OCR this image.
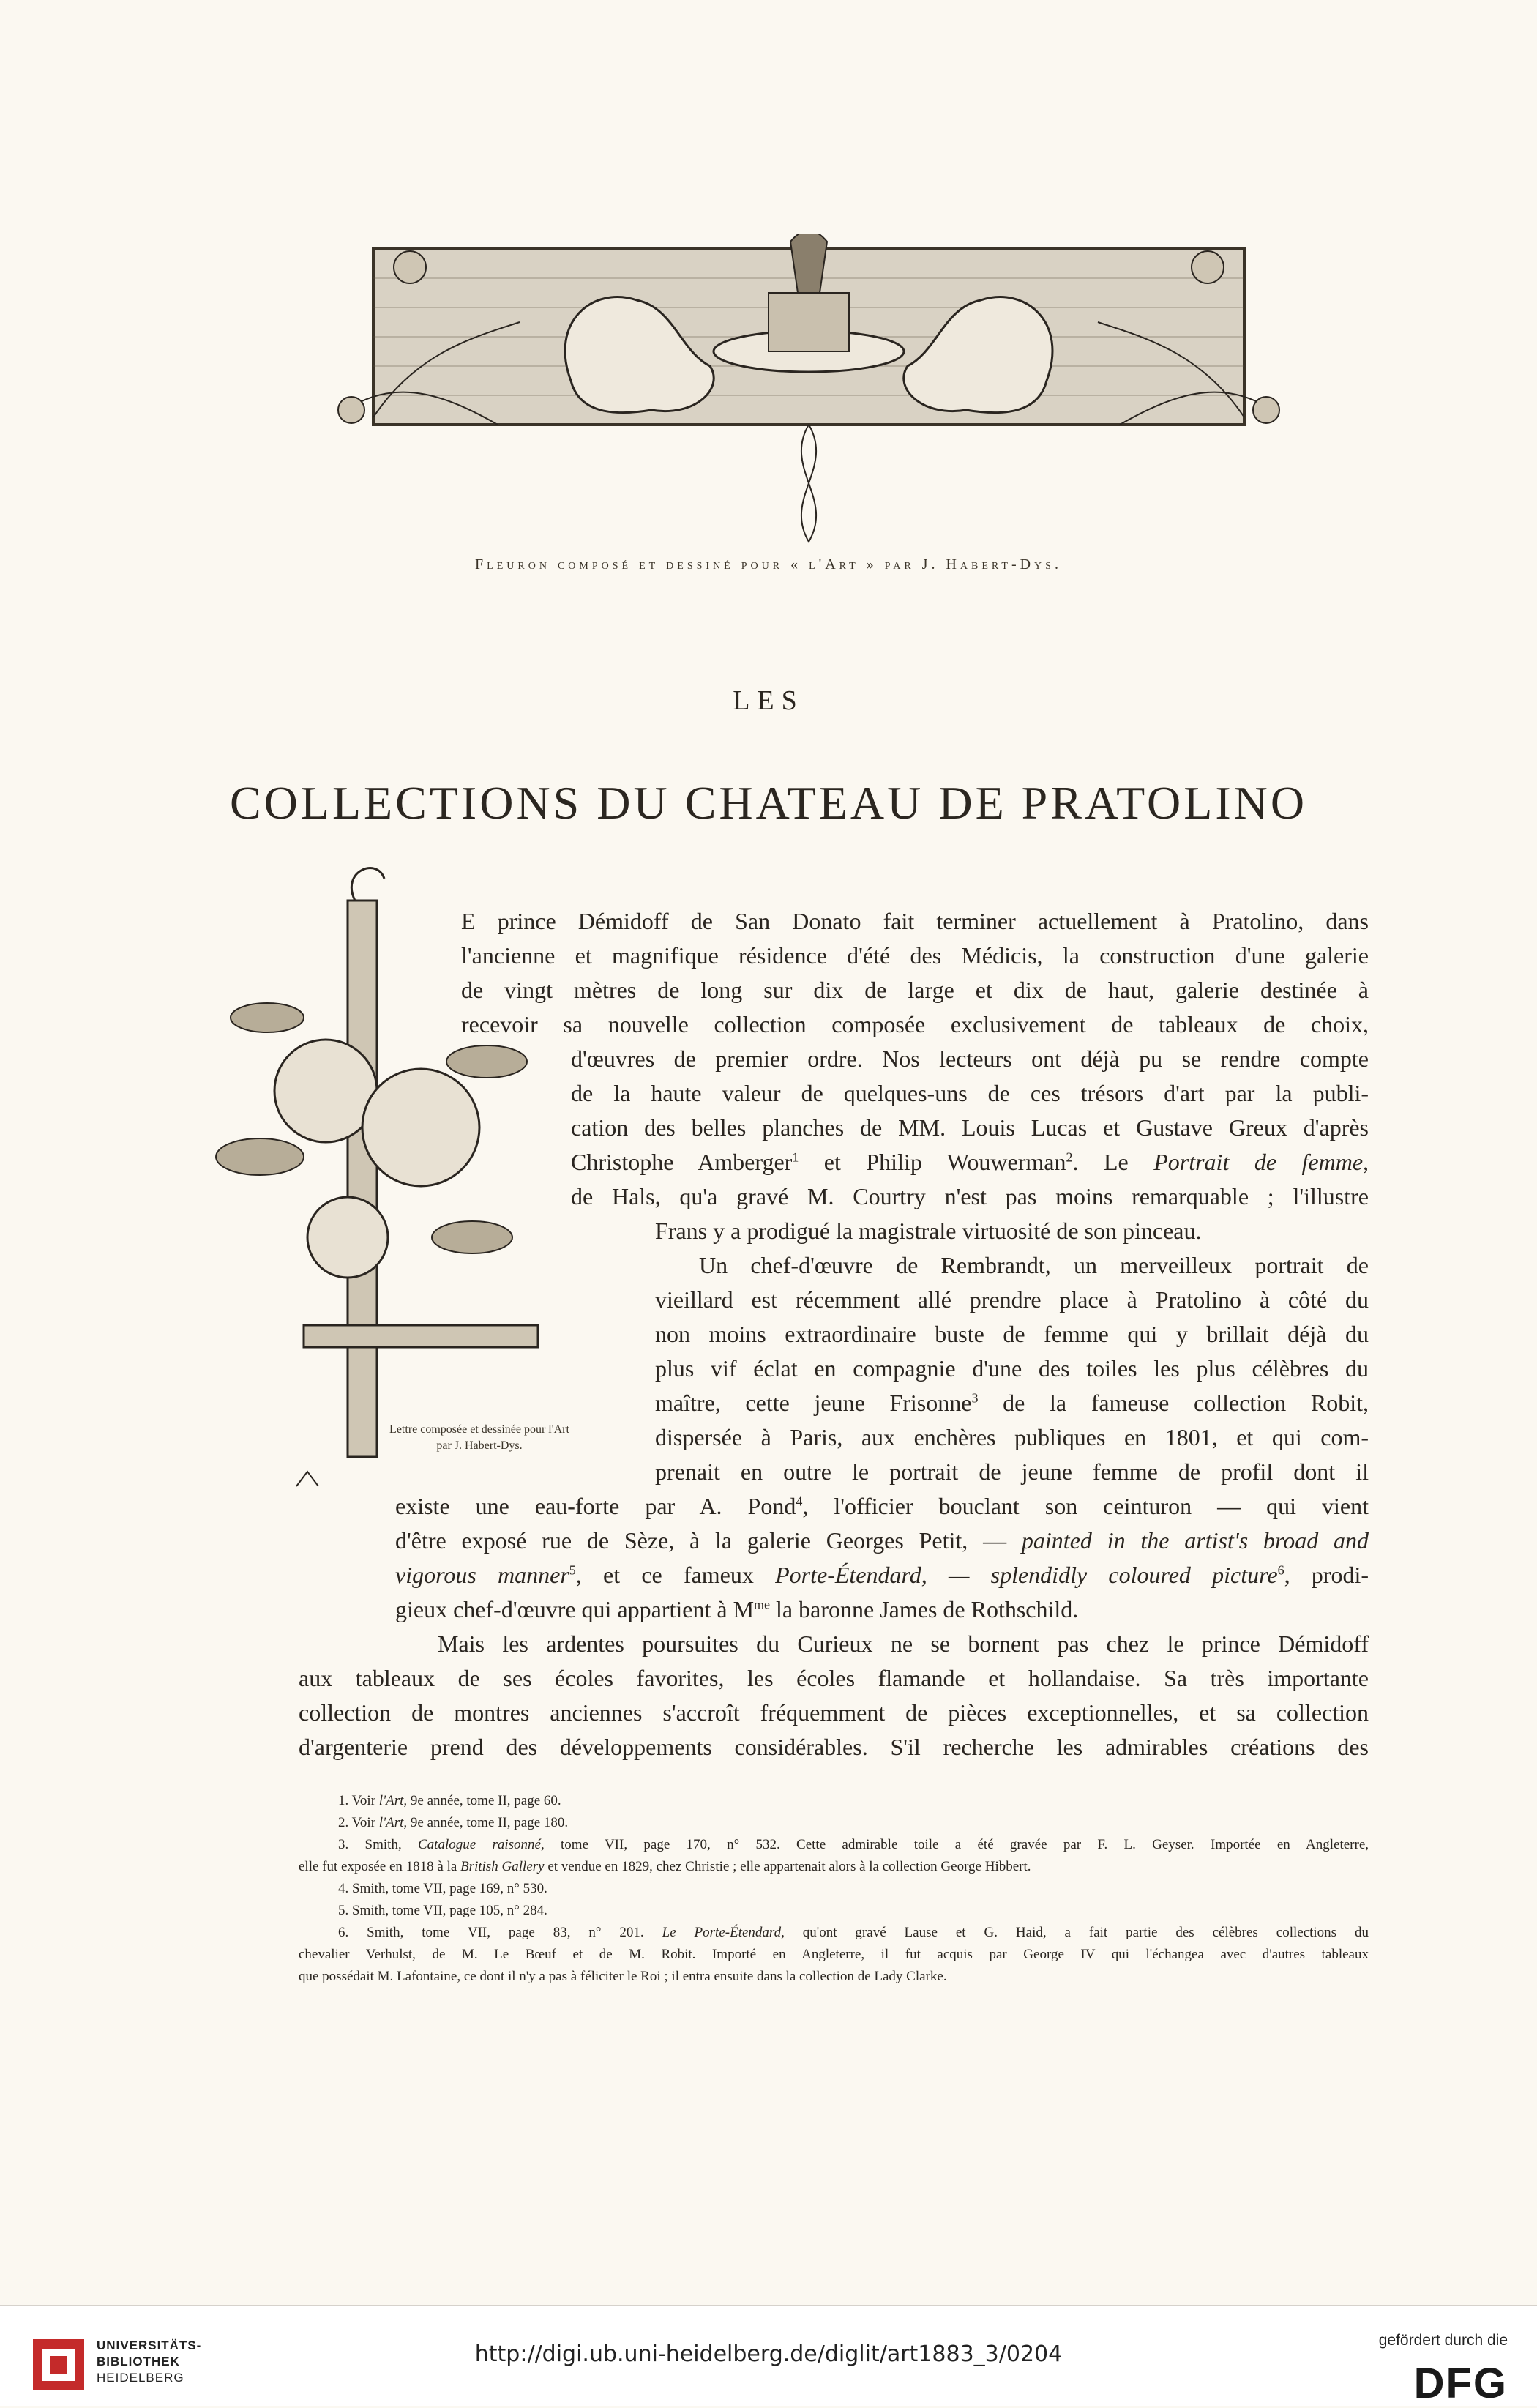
Fleuron composé et dessiné pour « l'Art » par J. Habert-Dys.
LES
COLLECTIONS DU CHATEAU DE PRATOLINO
Lettre composée et dessinée pour l'Art
par J. Habert-Dys.
E prince Démidoff de San Donato fait terminer actuellement à Pratolino, dans
l'ancienne et magnifique résidence d'été des Médicis, la construction d'une galerie
de vingt mètres de long sur dix de large et dix de haut, galerie destinée à
recevoir sa nouvelle collection composée exclusivement de tableaux de choix,
d'œuvres de premier ordre. Nos lecteurs ont déjà pu se rendre compte
de la haute valeur de quelques-uns de ces trésors d'art par la publi-
cation des belles planches de MM. Louis Lucas et Gustave Greux d'après
Christophe Amberger$^1$ et Philip Wouwerman$^2$. Le Portrait de femme,
de Hals, qu'a gravé M. Courtry n'est pas moins remarquable ; l'illustre
Frans y a prodigué la magistrale virtuosité de son pinceau.
Un chef-d'œuvre de Rembrandt, un merveilleux portrait de
vieillard est récemment allé prendre place à Pratolino à côté du
non moins extraordinaire buste de femme qui y brillait déjà du
plus vif éclat en compagnie d'une des toiles les plus célèbres du
maître, cette jeune Frisonne$^3$ de la fameuse collection Robit,
dispersée à Paris, aux enchères publiques en 1801, et qui com-
prenait en outre le portrait de jeune femme de profil dont il
existe une eau-forte par A. Pond$^4$, l'officier bouclant son ceinturon — qui vient
d'être exposé rue de Sèze, à la galerie Georges Petit, — painted in the artist's broad and
vigorous manner$^5$, et ce fameux Porte-Étendard, — splendidly coloured picture$^6$, prodi-
gieux chef-d'œuvre qui appartient à $M^{me}$ la baronne James de Rothschild.
Mais les ardentes poursuites du Curieux ne se bornent pas chez le prince Démidoff
aux tableaux de ses écoles favorites, les écoles flamande et hollandaise. Sa très importante
collection de montres anciennes s'accroît fréquemment de pièces exceptionnelles, et sa collection
d'argenterie prend des développements considérables. S'il recherche les admirables créations des
1. Voir l'Art, 9e année, tome II, page 60.
2. Voir l'Art, 9e année, tome II, page 180.
3. Smith, Catalogue raisonné, tome VII, page 170, n° 532. Cette admirable toile a été gravée par F. L. Geyser. Importée en Angleterre,
elle fut exposée en 1818 à la British Gallery et vendue en 1829, chez Christie ; elle appartenait alors à la collection George Hibbert.
4. Smith, tome VII, page 169, n° 530.
5. Smith, tome VII, page 105, n° 284.
6. Smith, tome VII, page 83, n° 201. Le Porte-Étendard, qu'ont gravé Lause et G. Haid, a fait partie des célèbres collections du
chevalier Verhulst, de M. Le Bœuf et de M. Robit. Importé en Angleterre, il fut acquis par George IV qui l'échangea avec d'autres tableaux
que possédait M. Lafontaine, ce dont il n'y a pas à féliciter le Roi ; il entra ensuite dans la collection de Lady Clarke.
UNIVERSITÄTS-
BIBLIOTHEK
HEIDELBERG
http://digi.ub.uni-heidelberg.de/diglit/art1883_3/0204
gefördert durch die
DFG
